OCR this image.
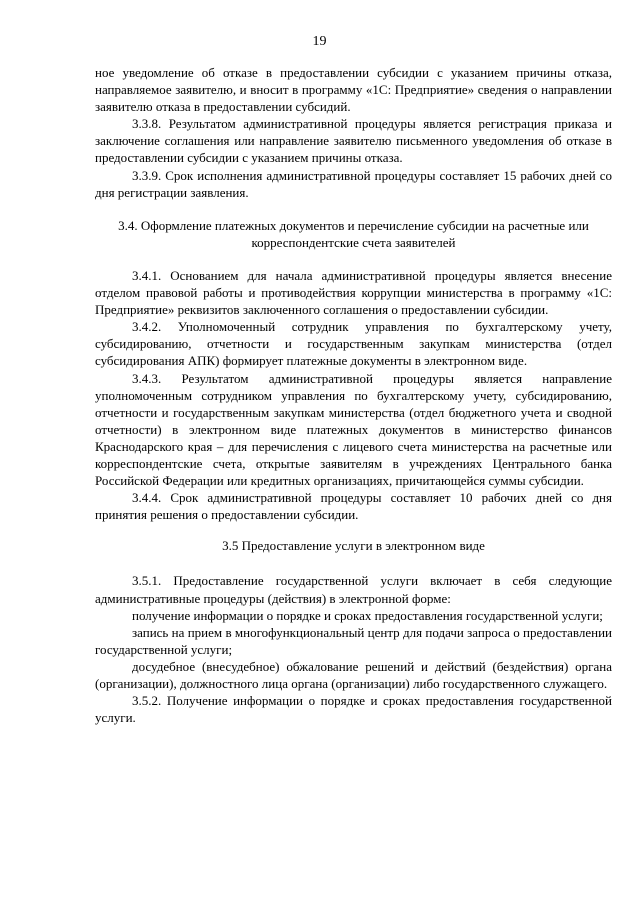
19

ное уведомление об отказе в предоставлении субсидии с указанием причины отказа, направляемое заявителю, и вносит в программу «1С: Предприятие» сведения о направлении заявителю отказа в предоставлении субсидий.

3.3.8. Результатом административной процедуры является регистрация приказа и заключение соглашения или направление заявителю письменного уведомления об отказе в предоставлении субсидии с указанием причины отказа.

3.3.9. Срок исполнения административной процедуры составляет 15 рабочих дней со дня регистрации заявления.

3.4. Оформление платежных документов и перечисление субсидии на расчетные или корреспондентские счета заявителей

3.4.1. Основанием для начала административной процедуры является внесение отделом правовой работы и противодействия коррупции министерства в программу «1С: Предприятие» реквизитов заключенного соглашения о предоставлении субсидии.

3.4.2. Уполномоченный сотрудник управления по бухгалтерскому учету, субсидированию, отчетности и государственным закупкам министерства (отдел субсидирования АПК) формирует платежные документы в электронном виде.

3.4.3. Результатом административной процедуры является направление уполномоченным сотрудником управления по бухгалтерскому учету, субсидированию, отчетности и государственным закупкам министерства (отдел бюджетного учета и сводной отчетности) в электронном виде платежных документов в министерство финансов Краснодарского края – для перечисления с лицевого счета министерства на расчетные или корреспондентские счета, открытые заявителям в учреждениях Центрального банка Российской Федерации или кредитных организациях, причитающейся суммы субсидии.

3.4.4. Срок административной процедуры составляет 10 рабочих дней со дня принятия решения о предоставлении субсидии.

3.5 Предоставление услуги в электронном виде

3.5.1. Предоставление государственной услуги включает в себя следующие административные процедуры (действия) в электронной форме:

получение информации о порядке и сроках предоставления государственной услуги;

запись на прием в многофункциональный центр для подачи запроса о предоставлении государственной услуги;

досудебное (внесудебное) обжалование решений и действий (бездействия) органа (организации), должностного лица органа (организации) либо государственного служащего.

3.5.2. Получение информации о порядке и сроках предоставления государственной услуги.
